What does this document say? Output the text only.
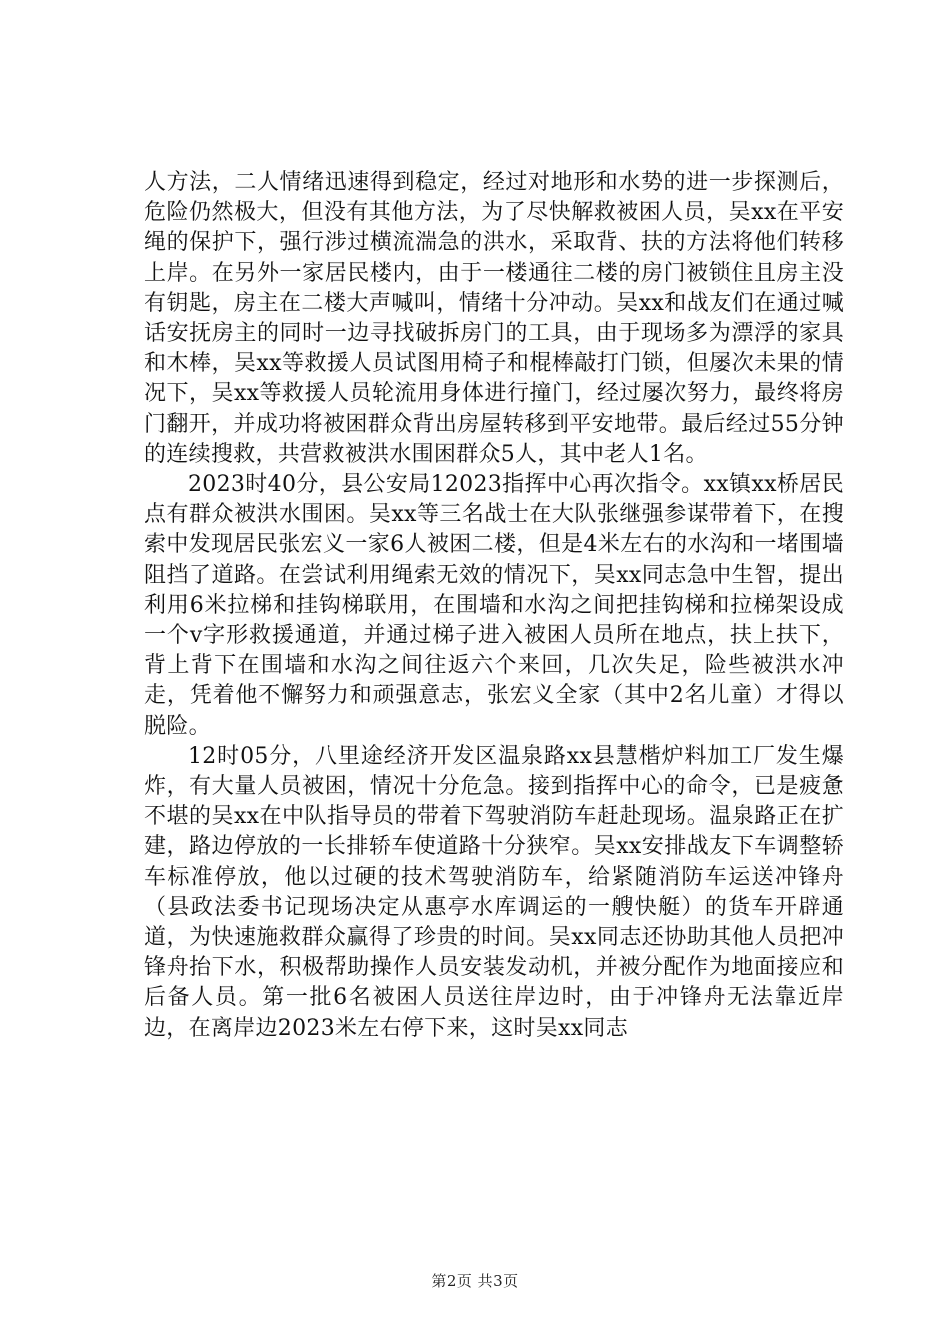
人方法，二人情绪迅速得到稳定，经过对地形和水势的进一步探测后，危险仍然极大，但没有其他方法，为了尽快解救被困人员，吴xx在平安绳的保护下，强行涉过横流湍急的洪水，采取背、扶的方法将他们转移上岸。在另外一家居民楼内，由于一楼通往二楼的房门被锁住且房主没有钥匙，房主在二楼大声喊叫，情绪十分冲动。吴xx和战友们在通过喊话安抚房主的同时一边寻找破拆房门的工具，由于现场多为漂浮的家具和木棒，吴xx等救援人员试图用椅子和棍棒敲打门锁，但屡次未果的情况下，吴xx等救援人员轮流用身体进行撞门，经过屡次努力，最终将房门翻开，并成功将被困群众背出房屋转移到平安地带。最后经过55分钟的连续搜救，共营救被洪水围困群众5人，其中老人1名。

2023时40分，县公安局12023指挥中心再次指令。xx镇xx桥居民点有群众被洪水围困。吴xx等三名战士在大队张继强参谋带着下，在搜索中发现居民张宏义一家6人被困二楼，但是4米左右的水沟和一堵围墙阻挡了道路。在尝试利用绳索无效的情况下，吴xx同志急中生智，提出利用6米拉梯和挂钩梯联用，在围墙和水沟之间把挂钩梯和拉梯架设成一个v字形救援通道，并通过梯子进入被困人员所在地点，扶上扶下，背上背下在围墙和水沟之间往返六个来回，几次失足，险些被洪水冲走，凭着他不懈努力和顽强意志，张宏义全家（其中2名儿童）才得以脱险。

12时05分，八里途经济开发区温泉路xx县慧楷炉料加工厂发生爆炸，有大量人员被困，情况十分危急。接到指挥中心的命令，已是疲惫不堪的吴xx在中队指导员的带着下驾驶消防车赶赴现场。温泉路正在扩建，路边停放的一长排轿车使道路十分狭窄。吴xx安排战友下车调整轿车标准停放，他以过硬的技术驾驶消防车，给紧随消防车运送冲锋舟（县政法委书记现场决定从惠亭水库调运的一艘快艇）的货车开辟通道，为快速施救群众赢得了珍贵的时间。吴xx同志还协助其他人员把冲锋舟抬下水，积极帮助操作人员安装发动机，并被分配作为地面接应和后备人员。第一批6名被困人员送往岸边时，由于冲锋舟无法靠近岸边，在离岸边2023米左右停下来，这时吴xx同志

第2页 共3页
